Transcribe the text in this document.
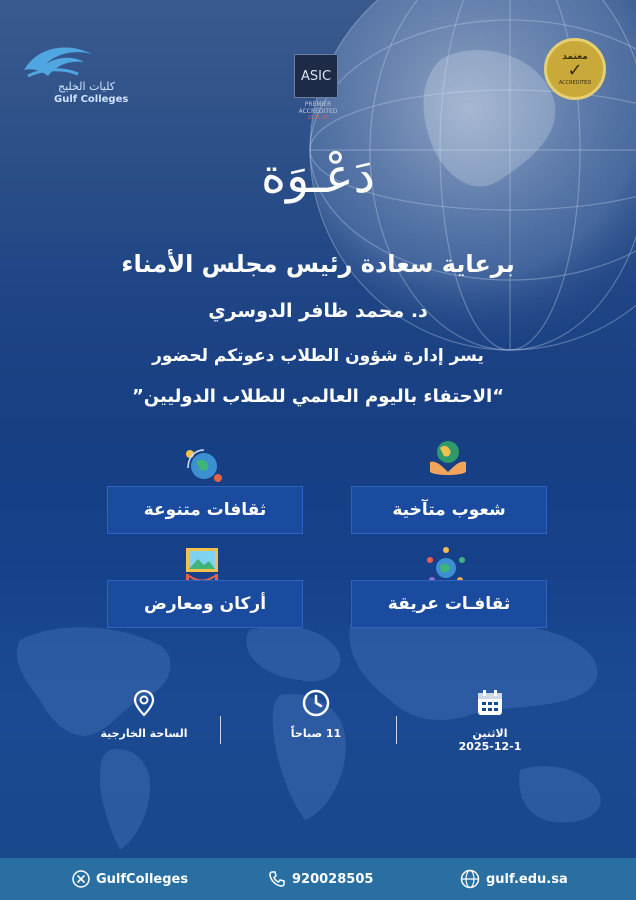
كليات الخليج
Gulf Colleges
ASIC
PREMIER ACCREDITED
2025-26
معتمد
✓
ACCREDITED
دَعْـوَة
برعاية سعادة رئيس مجلس الأمناء
د. محمد ظافر الدوسري
يسر إدارة شؤون الطلاب دعوتكم لحضور
“الاحتفاء باليوم العالمي للطلاب الدوليين”
شعوب متآخية
ثقافات متنوعة
ثقافـات عريقة
أركان ومعارض
الاثنين
2025-12-1
11 صباحاً
الساحة الخارجية
GulfColleges	920028505	gulf.edu.sa
